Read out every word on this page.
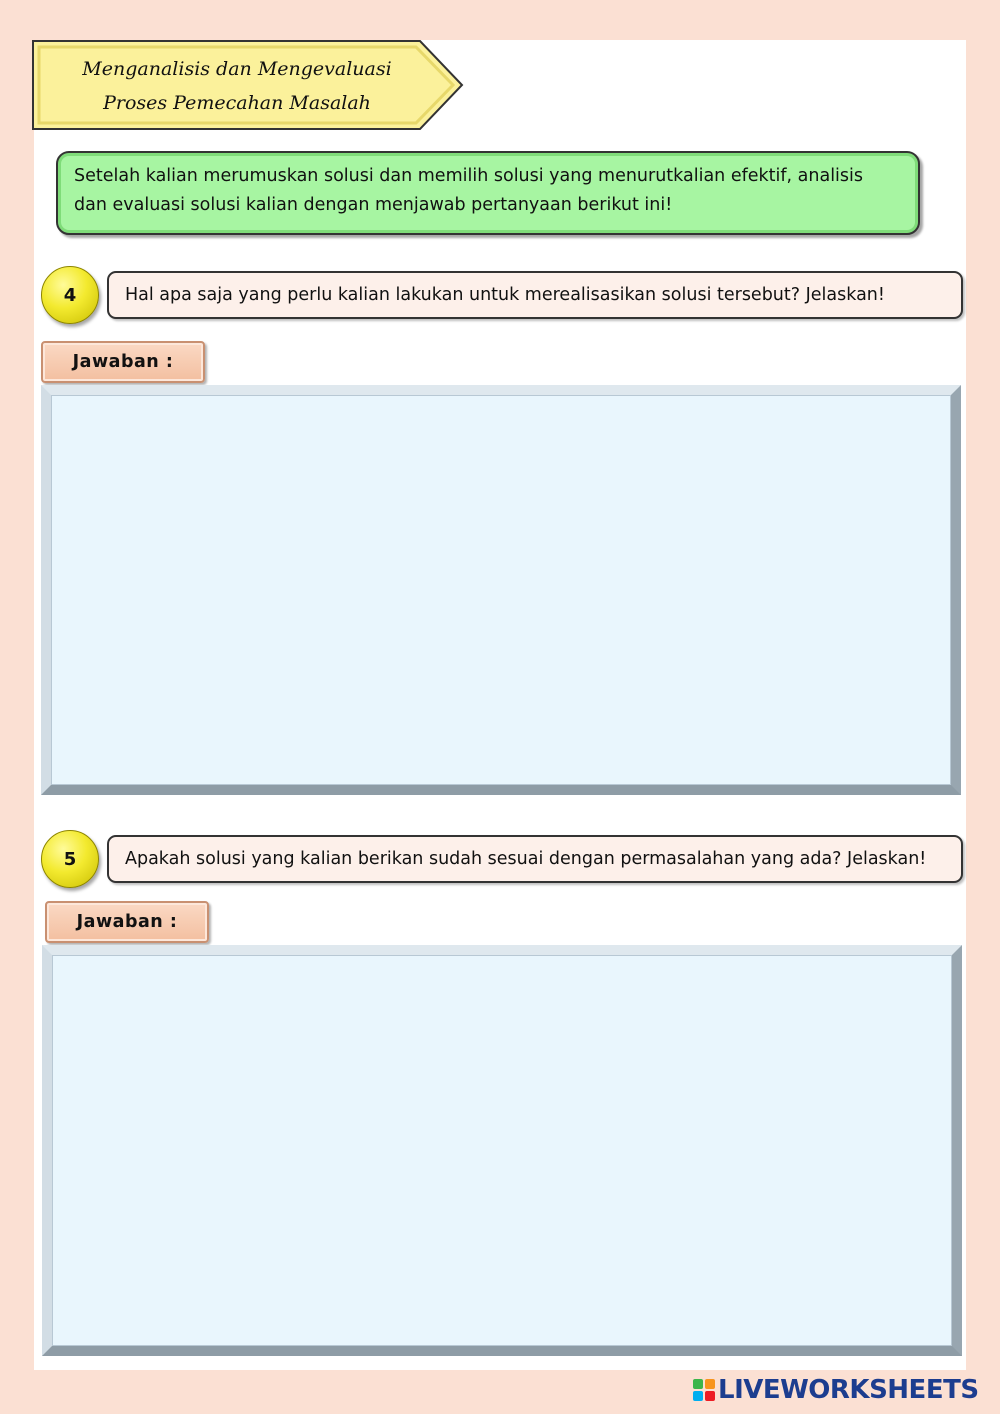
Menganalisis dan Mengevaluasi
Proses Pemecahan Masalah
Setelah kalian merumuskan solusi dan memilih solusi yang menurutkalian efektif, analisis
dan evaluasi solusi kalian dengan menjawab pertanyaan berikut ini!
4	Hal apa saja yang perlu kalian lakukan untuk merealisasikan solusi tersebut? Jelaskan!
Jawaban :
5	Apakah solusi yang kalian berikan sudah sesuai dengan permasalahan yang ada? Jelaskan!
Jawaban :
LIVEWORKSHEETS
